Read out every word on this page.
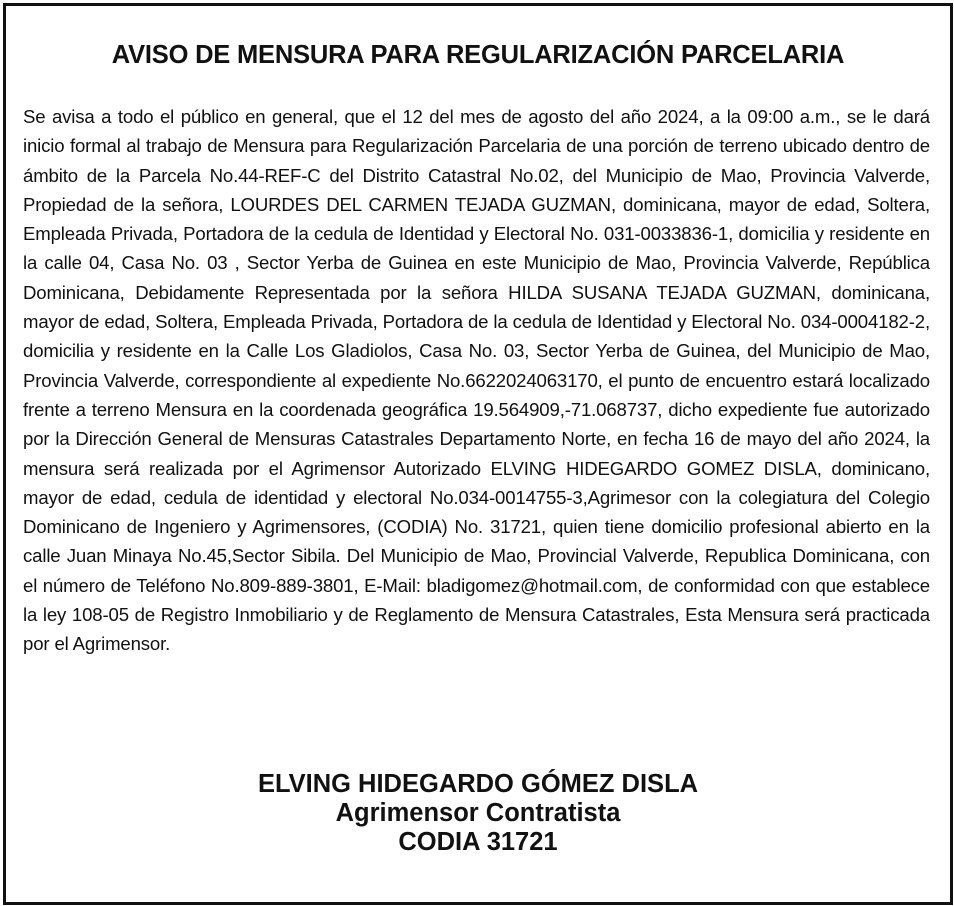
AVISO DE MENSURA PARA REGULARIZACIÓN PARCELARIA
Se avisa a todo el público en general, que el 12 del mes de agosto del año 2024, a la 09:00 a.m., se le dará inicio formal al trabajo de Mensura para Regularización Parcelaria de una porción de terreno ubicado dentro de ámbito de la Parcela No.44-REF-C del Distrito Catastral No.02, del Municipio de Mao, Provincia Valverde, Propiedad de la señora, LOURDES DEL CARMEN TEJADA GUZMAN, dominicana, mayor de edad, Soltera, Empleada Privada, Portadora de la cedula de Identidad y Electoral No. 031-0033836-1, domicilia y residente en la calle 04, Casa No. 03 , Sector Yerba de Guinea en este Municipio de Mao, Provincia Valverde, República Dominicana, Debidamente Representada por la señora HILDA SUSANA TEJADA GUZMAN, dominicana, mayor de edad, Soltera, Empleada Privada, Portadora de la cedula de Identidad y Electoral No. 034-0004182-2, domicilia y residente en la Calle Los Gladiolos, Casa No. 03, Sector Yerba de Guinea, del Municipio de Mao, Provincia Valverde, correspondiente al expediente No.6622024063170, el punto de encuentro estará localizado frente a terreno Mensura en la coordenada geográfica 19.564909,-71.068737, dicho expediente fue autorizado por la Dirección General de Mensuras Catastrales Departamento Norte, en fecha 16 de mayo del año 2024, la mensura será realizada por el Agrimensor Autorizado ELVING HIDEGARDO GOMEZ DISLA, dominicano, mayor de edad, cedula de identidad y electoral No.034-0014755-3,Agrimesor con la colegiatura del Colegio Dominicano de Ingeniero y Agrimensores, (CODIA) No. 31721, quien tiene domicilio profesional abierto en la calle Juan Minaya No.45,Sector Sibila. Del Municipio de Mao, Provincial Valverde, Republica Dominicana, con el número de Teléfono No.809-889-3801, E-Mail: bladigomez@hotmail.com, de conformidad con que establece la ley 108-05 de Registro Inmobiliario y de Reglamento de Mensura Catastrales, Esta Mensura será practicada por el Agrimensor.
ELVING HIDEGARDO GÓMEZ DISLA
Agrimensor Contratista
CODIA 31721
